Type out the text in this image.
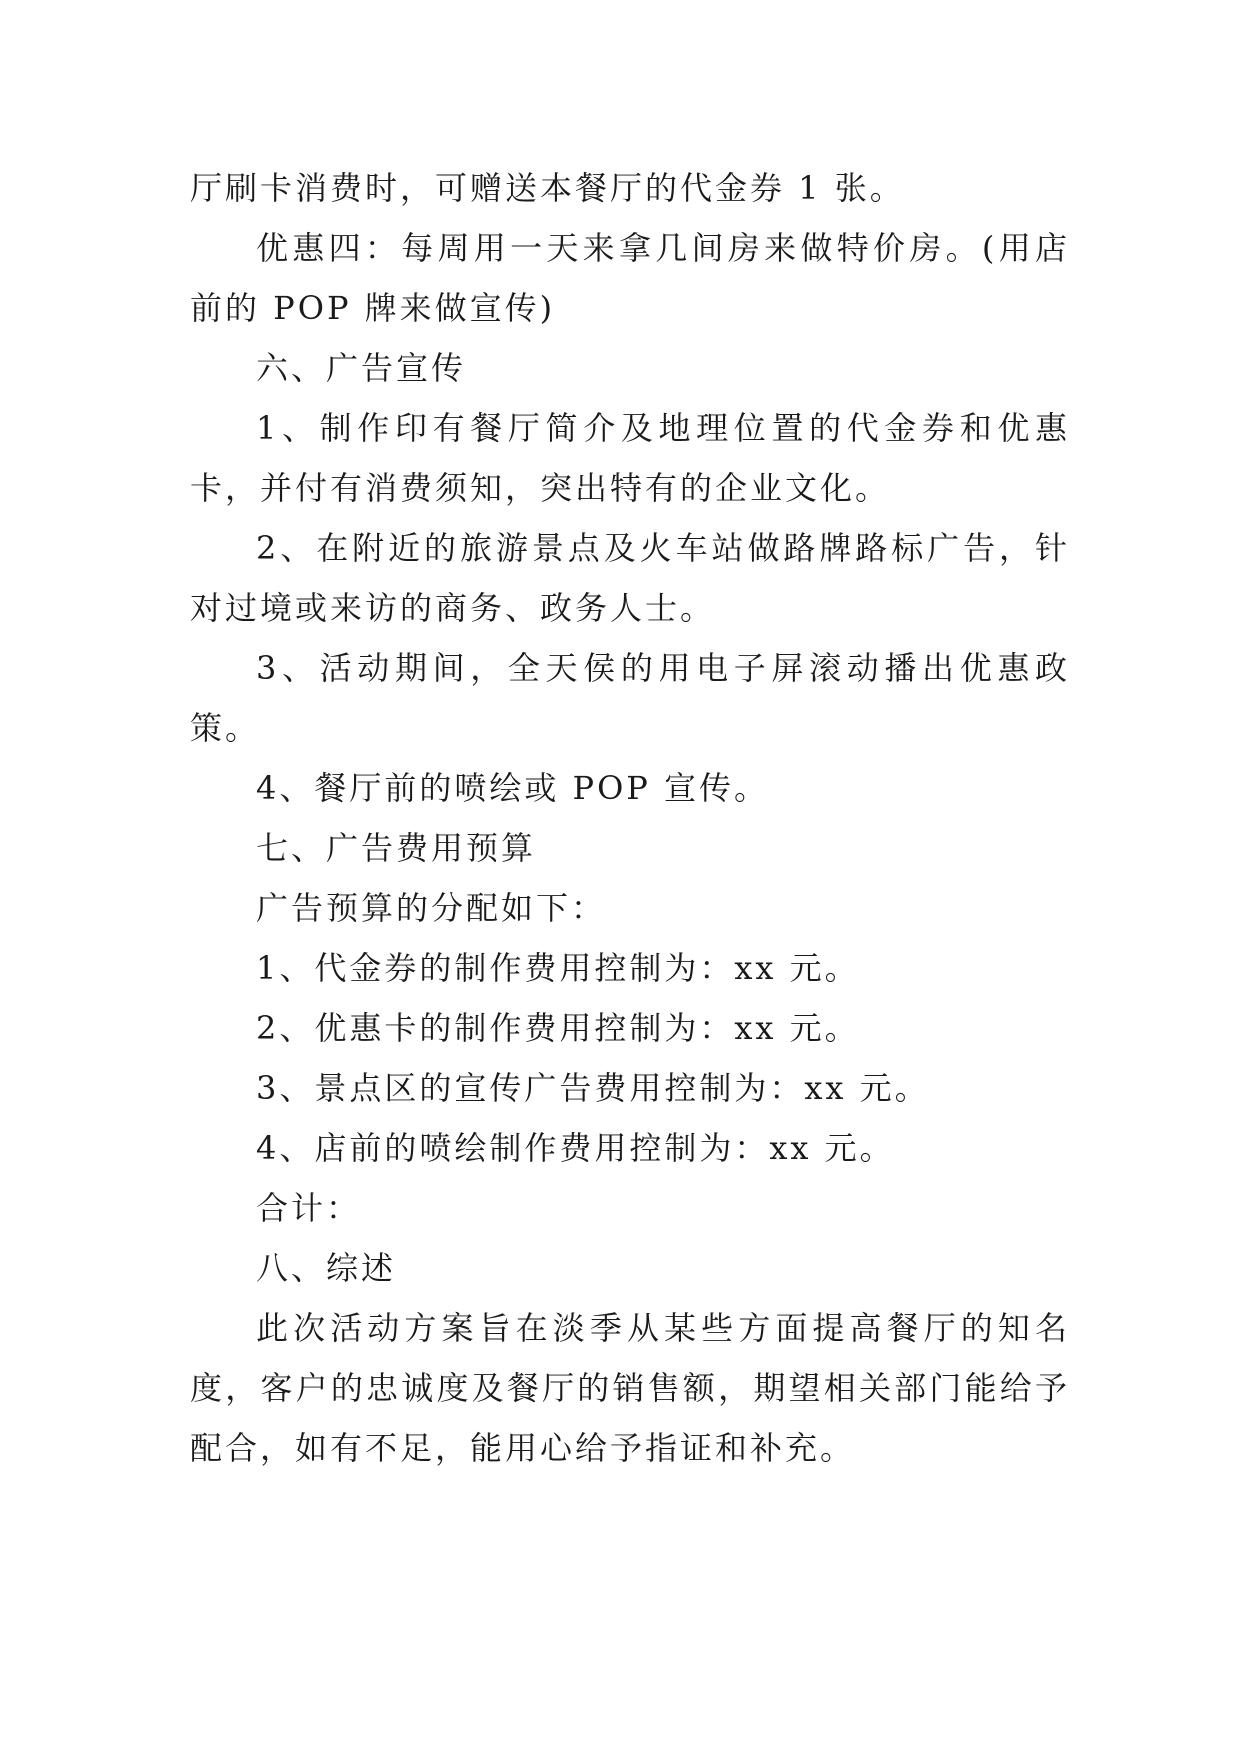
厅刷卡消费时，可赠送本餐厅的代金券 1 张。

优惠四：每周用一天来拿几间房来做特价房。(用店前的 POP 牌来做宣传)

六、广告宣传

1、制作印有餐厅简介及地理位置的代金券和优惠卡，并付有消费须知，突出特有的企业文化。

2、在附近的旅游景点及火车站做路牌路标广告，针对过境或来访的商务、政务人士。

3、活动期间，全天侯的用电子屏滚动播出优惠政策。

4、餐厅前的喷绘或 POP 宣传。

七、广告费用预算

广告预算的分配如下：

1、代金券的制作费用控制为：xx 元。

2、优惠卡的制作费用控制为：xx 元。

3、景点区的宣传广告费用控制为：xx 元。

4、店前的喷绘制作费用控制为：xx 元。

合计：

八、综述

此次活动方案旨在淡季从某些方面提高餐厅的知名度，客户的忠诚度及餐厅的销售额，期望相关部门能给予配合，如有不足，能用心给予指证和补充。
